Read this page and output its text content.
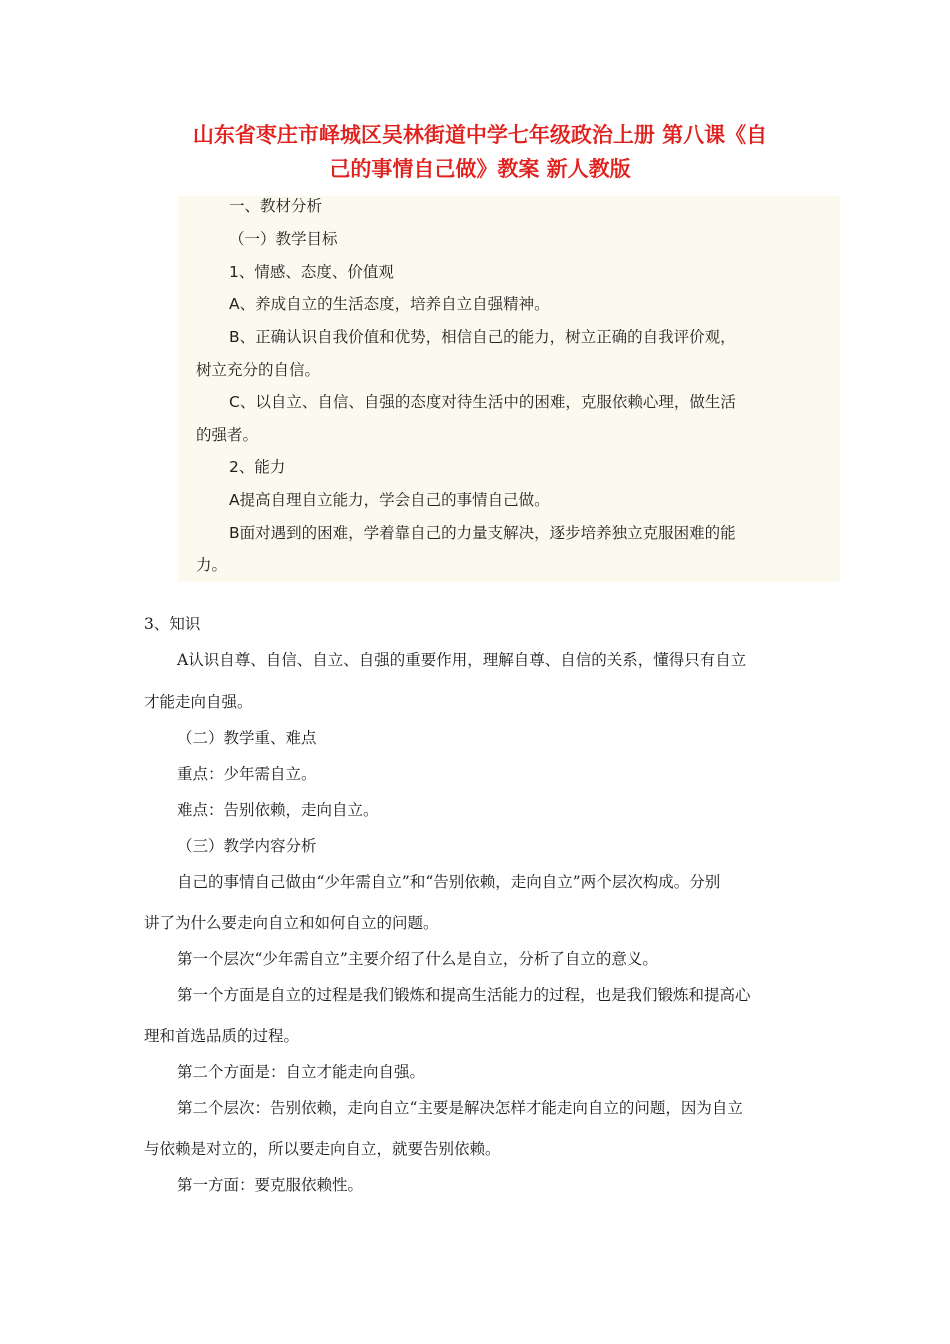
山东省枣庄市峄城区吴林街道中学七年级政治上册 第八课《自
己的事情自己做》教案 新人教版
一、教材分析
（一）教学目标
1、情感、态度、价值观
A、养成自立的生活态度，培养自立自强精神。
B、正确认识自我价值和优势，相信自己的能力，树立正确的自我评价观，
树立充分的自信。
C、以自立、自信、自强的态度对待生活中的困难，克服依赖心理，做生活
的强者。
2、能力
A提高自理自立能力，学会自己的事情自己做。
B面对遇到的困难，学着靠自己的力量支解决，逐步培养独立克服困难的能
力。
3、知识
A认识自尊、自信、自立、自强的重要作用，理解自尊、自信的关系，懂得只有自立
才能走向自强。
（二）教学重、难点
重点：少年需自立。
难点：告别依赖，走向自立。
（三）教学内容分析
自己的事情自己做由“少年需自立”和“告别依赖，走向自立”两个层次构成。分别
讲了为什么要走向自立和如何自立的问题。
第一个层次“少年需自立”主要介绍了什么是自立，分析了自立的意义。
第一个方面是自立的过程是我们锻炼和提高生活能力的过程，也是我们锻炼和提高心
理和首选品质的过程。
第二个方面是：自立才能走向自强。
第二个层次：告别依赖，走向自立“主要是解决怎样才能走向自立的问题，因为自立
与依赖是对立的，所以要走向自立，就要告别依赖。
第一方面：要克服依赖性。
